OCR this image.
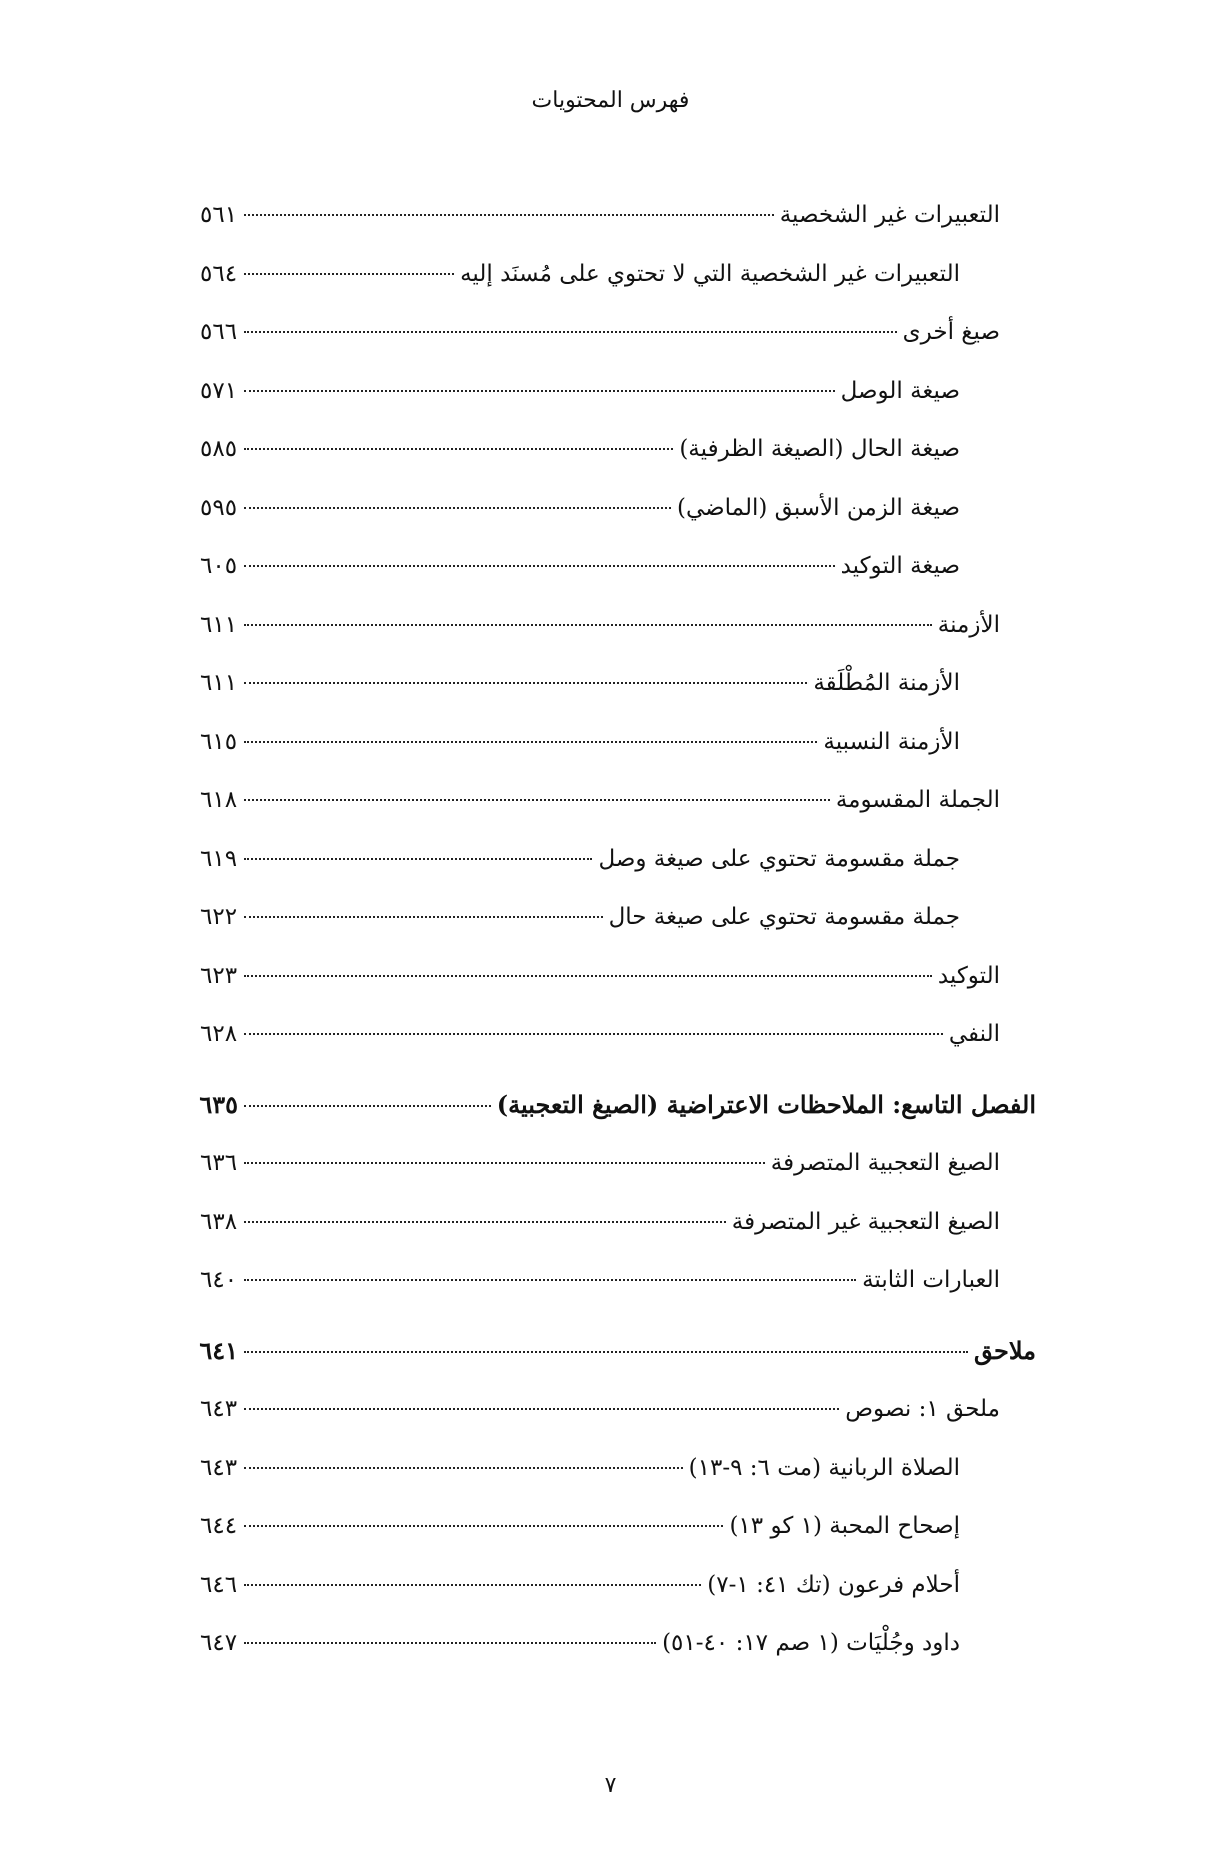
فهرس المحتويات
التعبيرات غير الشخصية
٥٦١
التعبيرات غير الشخصية التي لا تحتوي على مُسنَد إليه
٥٦٤
صيغ أخرى
٥٦٦
صيغة الوصل
٥٧١
صيغة الحال (الصيغة الظرفية)
٥٨٥
صيغة الزمن الأسبق (الماضي)
٥٩٥
صيغة التوكيد
٦٠٥
الأزمنة
٦١١
الأزمنة المُطْلَقة
٦١١
الأزمنة النسبية
٦١٥
الجملة المقسومة
٦١٨
جملة مقسومة تحتوي على صيغة وصل
٦١٩
جملة مقسومة تحتوي على صيغة حال
٦٢٢
التوكيد
٦٢٣
النفي
٦٢٨
الفصل التاسع: الملاحظات الاعتراضية (الصيغ التعجبية)
٦٣٥
الصيغ التعجبية المتصرفة
٦٣٦
الصيغ التعجبية غير المتصرفة
٦٣٨
العبارات الثابتة
٦٤٠
ملاحق
٦٤١
ملحق ١: نصوص
٦٤٣
الصلاة الربانية (مت ٦: ٩-١٣)
٦٤٣
إصحاح المحبة (١ كو ١٣)
٦٤٤
أحلام فرعون (تك ٤١: ١-٧)
٦٤٦
داود وجُلْيَات (١ صم ١٧: ٤٠-٥١)
٦٤٧
٧
